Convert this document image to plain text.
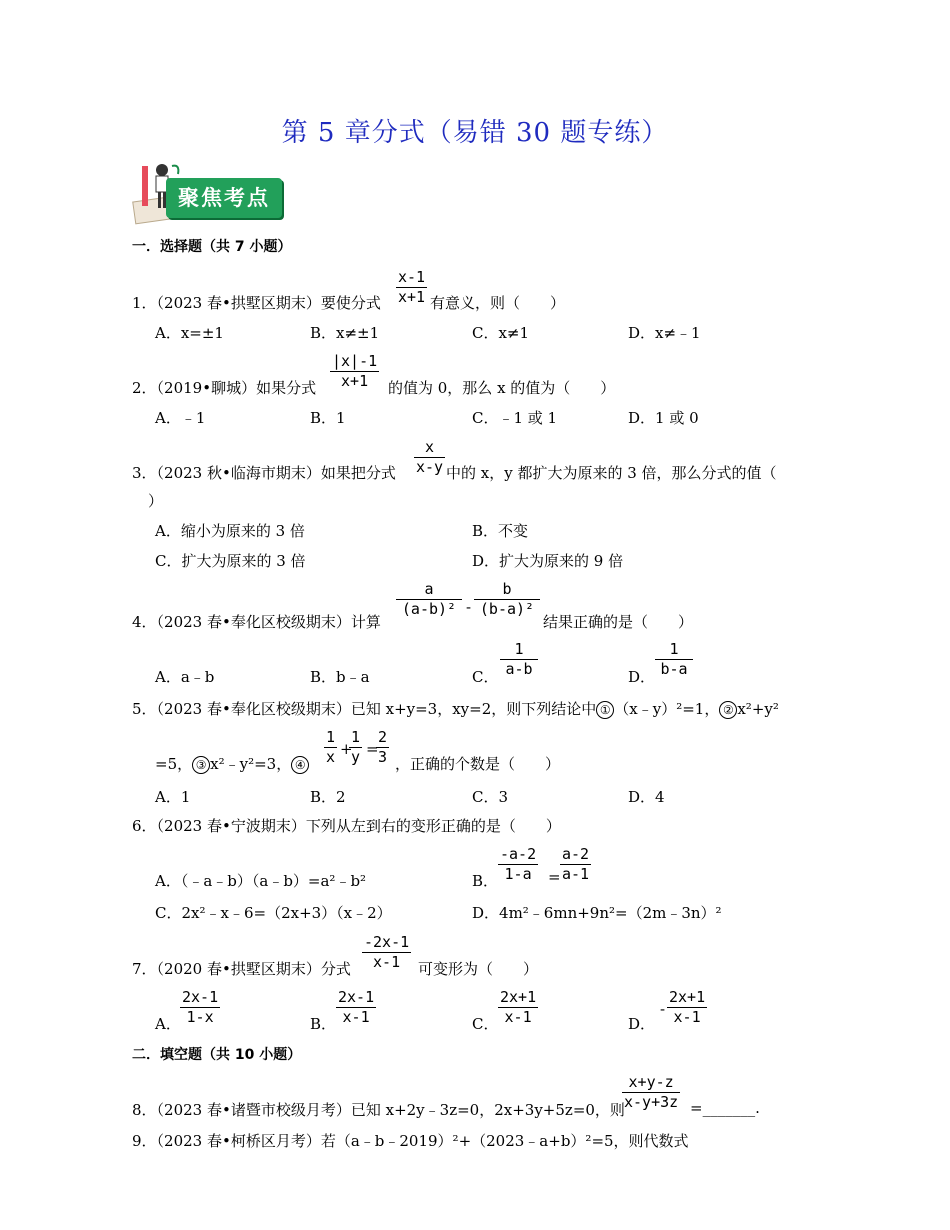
第 5 章分式（易错 30 题专练）
聚焦考点
一．选择题（共 7 小题）
1．（2023 春•拱墅区期末）要使分式 $\frac{x-1}{x+1}$ 有意义，则（　　）
A．x=±1	B．x≠±1	C．x≠1	D．x≠﹣1
2．（2019•聊城）如果分式 $\frac{|x|-1}{x+1}$ 的值为 0，那么 x 的值为（　　）
A．﹣1	B．1	C．﹣1 或 1	D．1 或 0
3．（2023 秋•临海市期末）如果把分式 $\frac{x}{x-y}$ 中的 x，y 都扩大为原来的 3 倍，那么分式的值（
）
A．缩小为原来的 3 倍	B．不变
C．扩大为原来的 3 倍	D．扩大为原来的 9 倍
4．（2023 春•奉化区校级期末）计算
$\frac{a}{\text{(a-b)²}} - \frac{b}{\text{(b-a)²}}$
结果正确的是（　　）
A．a﹣b	B．b﹣a	C． $\frac{1}{a-b}$	D． $\frac{1}{b-a}$
5．（2023 春•奉化区校级期末）已知 x+y=3，xy=2，则下列结论中 ① （x﹣y）²=1， ② x²+y²
=5， ③ x²﹣y²=3， ④ $\frac{1}{x}$ +
$\frac{1}{y}$ =
$\frac{2}{3}$ ，正确的个数是（　　）
A．1	B．2	C．3	D．4
6．（2023 春•宁波期末）下列从左到右的变形正确的是（　　）
A．（﹣a﹣b）（a﹣b）=a²﹣b²	B． $\frac{-a-2}{1-a} = \frac{a-2}{a-1}$
C．2x²﹣x﹣6=（2x+3）（x﹣2）	D．4m²﹣6mn+9n²=（2m﹣3n）²
7．（2020 春•拱墅区期末）分式 $\frac{-2x-1}{x-1}$ 可变形为（　　）
A． $\frac{2x-1}{1-x}$	B． $\frac{2x-1}{x-1}$	C． $\frac{2x+1}{x-1}$	D．
- $\frac{2x+1}{x-1}$
二．填空题（共 10 小题）
8．（2023 春•诸暨市校级月考）已知 x+2y﹣3z=0，2x+3y+5z=0，则
$\frac{x+y-z}{x-y+3z}$ =_______.
9．（2023 春•柯桥区月考）若（a﹣b﹣2019）²+（2023﹣a+b）²=5，则代数式
